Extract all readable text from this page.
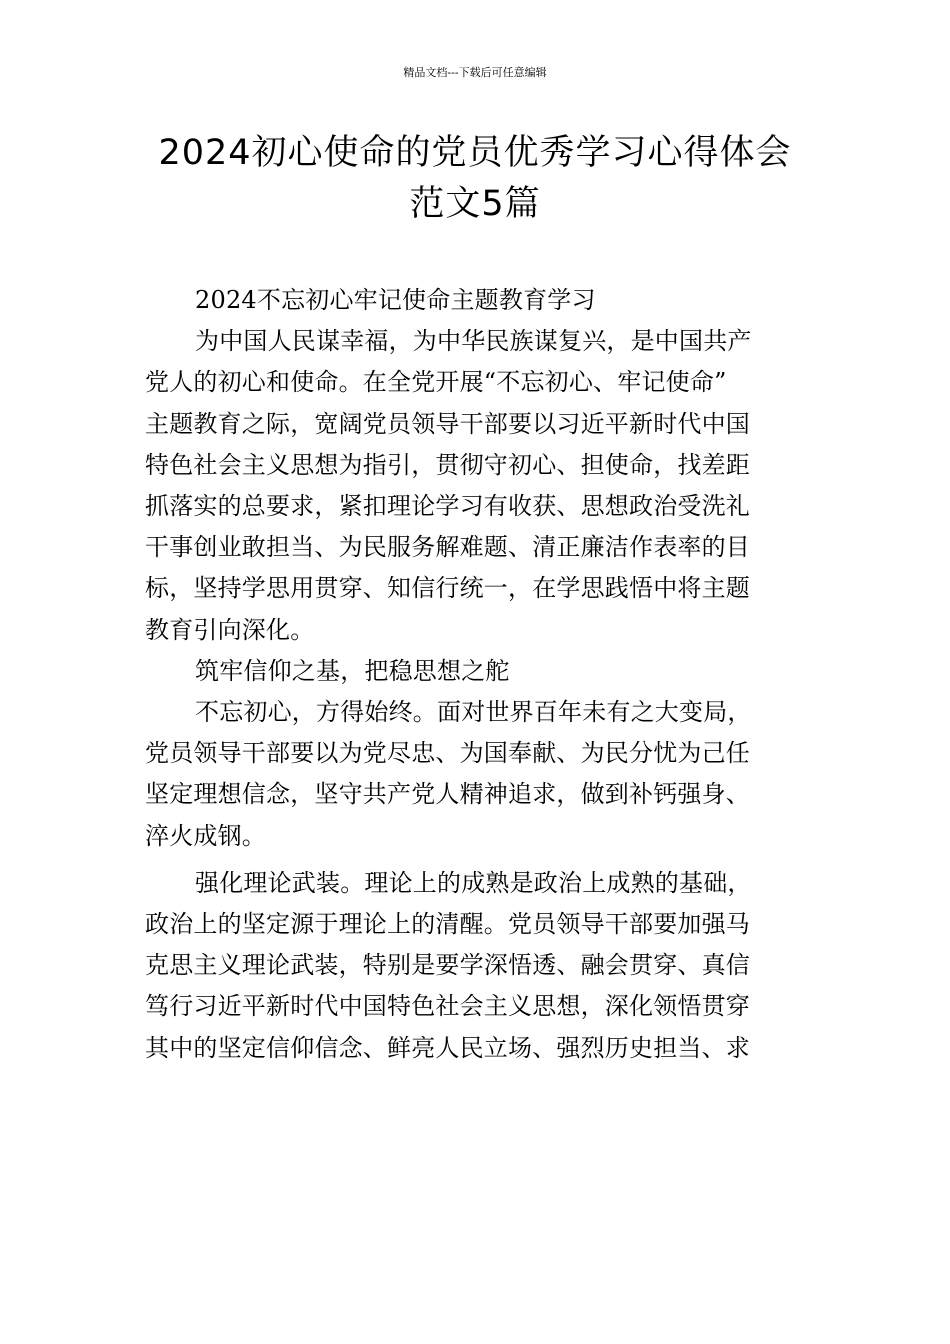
精品文档---下载后可任意编辑
2024初心使命的党员优秀学习心得体会
范文5篇

2024不忘初心牢记使命主题教育学习

为中国人民谋幸福，为中华民族谋复兴，是中国共产
党人的初心和使命。在全党开展“不忘初心、牢记使命”
主题教育之际，宽阔党员领导干部要以习近平新时代中国
特色社会主义思想为指引，贯彻守初心、担使命，找差距
抓落实的总要求，紧扣理论学习有收获、思想政治受洗礼
干事创业敢担当、为民服务解难题、清正廉洁作表率的目
标，坚持学思用贯穿、知信行统一，在学思践悟中将主题
教育引向深化。

筑牢信仰之基，把稳思想之舵

不忘初心，方得始终。面对世界百年未有之大变局，
党员领导干部要以为党尽忠、为国奉献、为民分忧为己任
坚定理想信念，坚守共产党人精神追求，做到补钙强身、
淬火成钢。

强化理论武装。理论上的成熟是政治上成熟的基础，
政治上的坚定源于理论上的清醒。党员领导干部要加强马
克思主义理论武装，特别是要学深悟透、融会贯穿、真信
笃行习近平新时代中国特色社会主义思想，深化领悟贯穿
其中的坚定信仰信念、鲜亮人民立场、强烈历史担当、求
